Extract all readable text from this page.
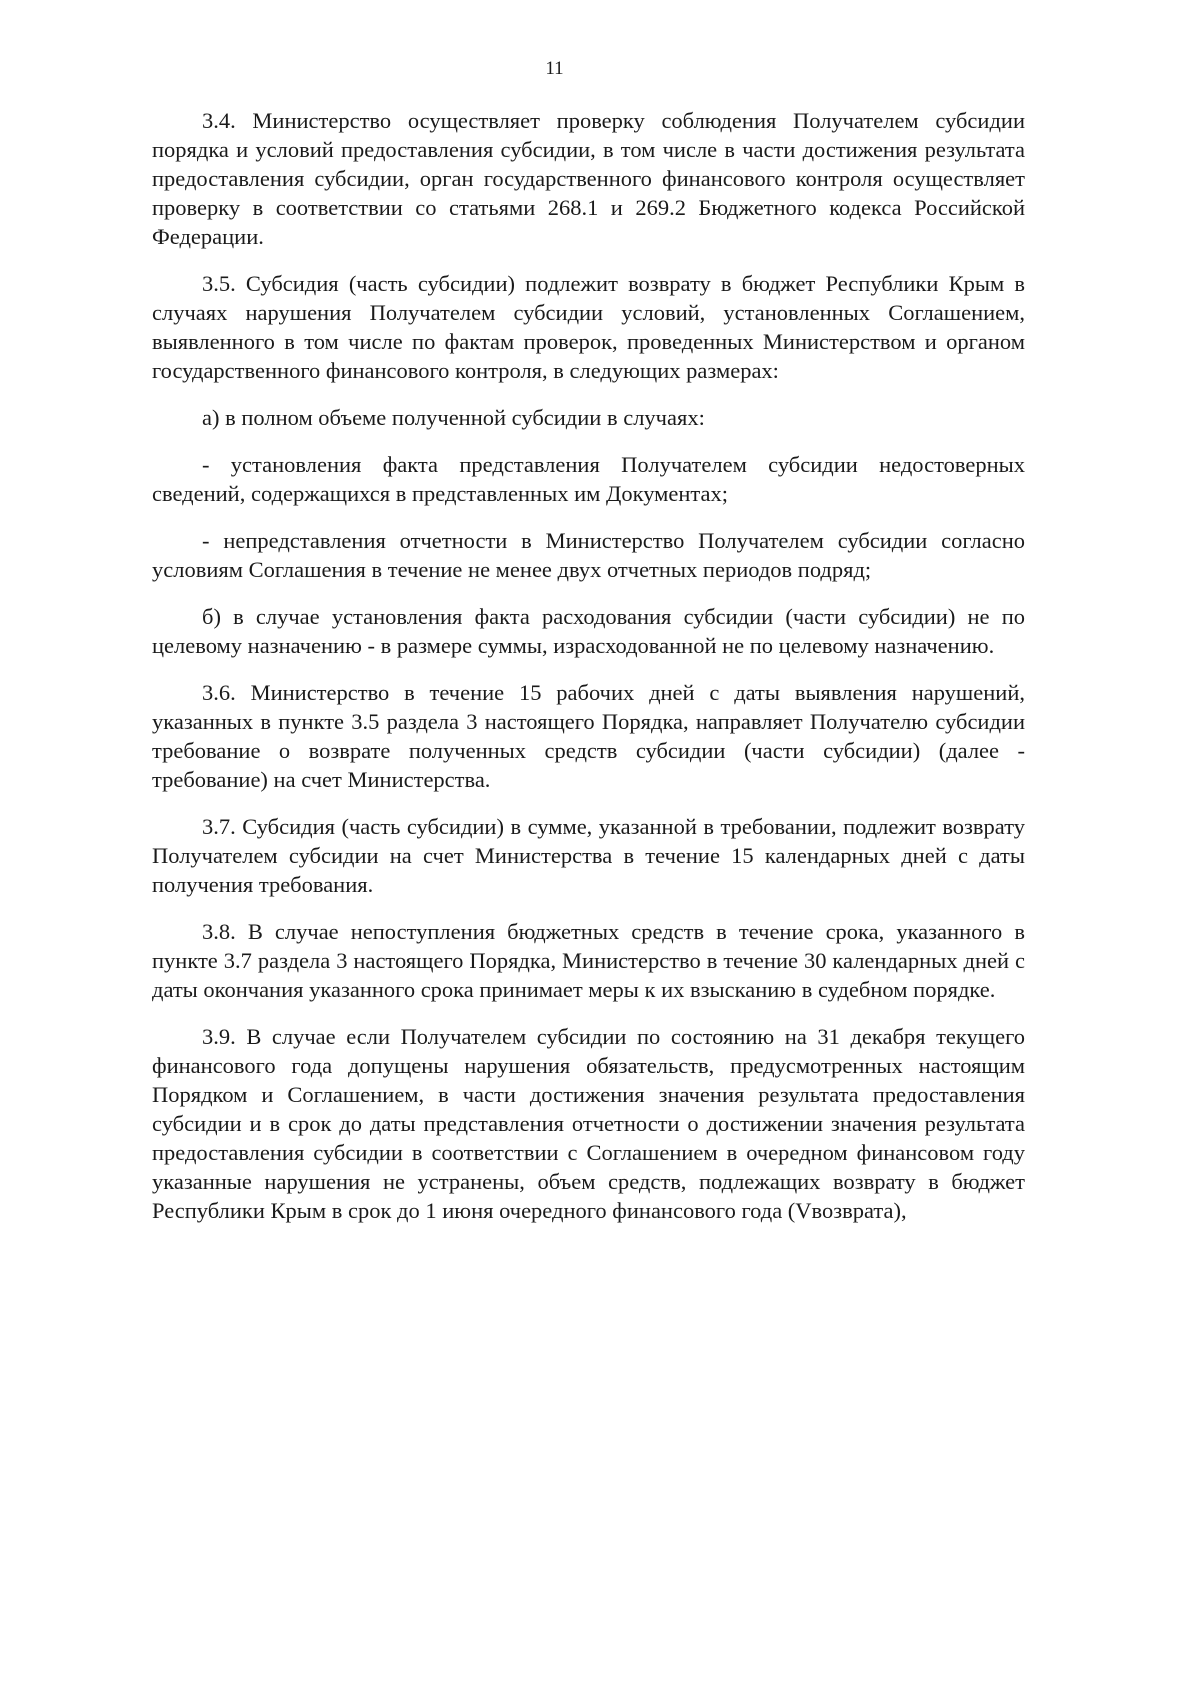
11

3.4. Министерство осуществляет проверку соблюдения Получателем субсидии порядка и условий предоставления субсидии, в том числе в части достижения результата предоставления субсидии, орган государственного финансового контроля осуществляет проверку в соответствии со статьями 268.1 и 269.2 Бюджетного кодекса Российской Федерации.

3.5. Субсидия (часть субсидии) подлежит возврату в бюджет Республики Крым в случаях нарушения Получателем субсидии условий, установленных Соглашением, выявленного в том числе по фактам проверок, проведенных Министерством и органом государственного финансового контроля, в следующих размерах:

а) в полном объеме полученной субсидии в случаях:

- установления факта представления Получателем субсидии недостоверных сведений, содержащихся в представленных им Документах;

- непредставления отчетности в Министерство Получателем субсидии согласно условиям Соглашения в течение не менее двух отчетных периодов подряд;

б) в случае установления факта расходования субсидии (части субсидии) не по целевому назначению - в размере суммы, израсходованной не по целевому назначению.

3.6. Министерство в течение 15 рабочих дней с даты выявления нарушений, указанных в пункте 3.5 раздела 3 настоящего Порядка, направляет Получателю субсидии требование о возврате полученных средств субсидии (части субсидии) (далее - требование) на счет Министерства.

3.7. Субсидия (часть субсидии) в сумме, указанной в требовании, подлежит возврату Получателем субсидии на счет Министерства в течение 15 календарных дней с даты получения требования.

3.8. В случае непоступления бюджетных средств в течение срока, указанного в пункте 3.7 раздела 3 настоящего Порядка, Министерство в течение 30 календарных дней с даты окончания указанного срока принимает меры к их взысканию в судебном порядке.

3.9. В случае если Получателем субсидии по состоянию на 31 декабря текущего финансового года допущены нарушения обязательств, предусмотренных настоящим Порядком и Соглашением, в части достижения значения результата предоставления субсидии и в срок до даты представления отчетности о достижении значения результата предоставления субсидии в соответствии с Соглашением в очередном финансовом году указанные нарушения не устранены, объем средств, подлежащих возврату в бюджет Республики Крым в срок до 1 июня очередного финансового года (Vвозврата),
